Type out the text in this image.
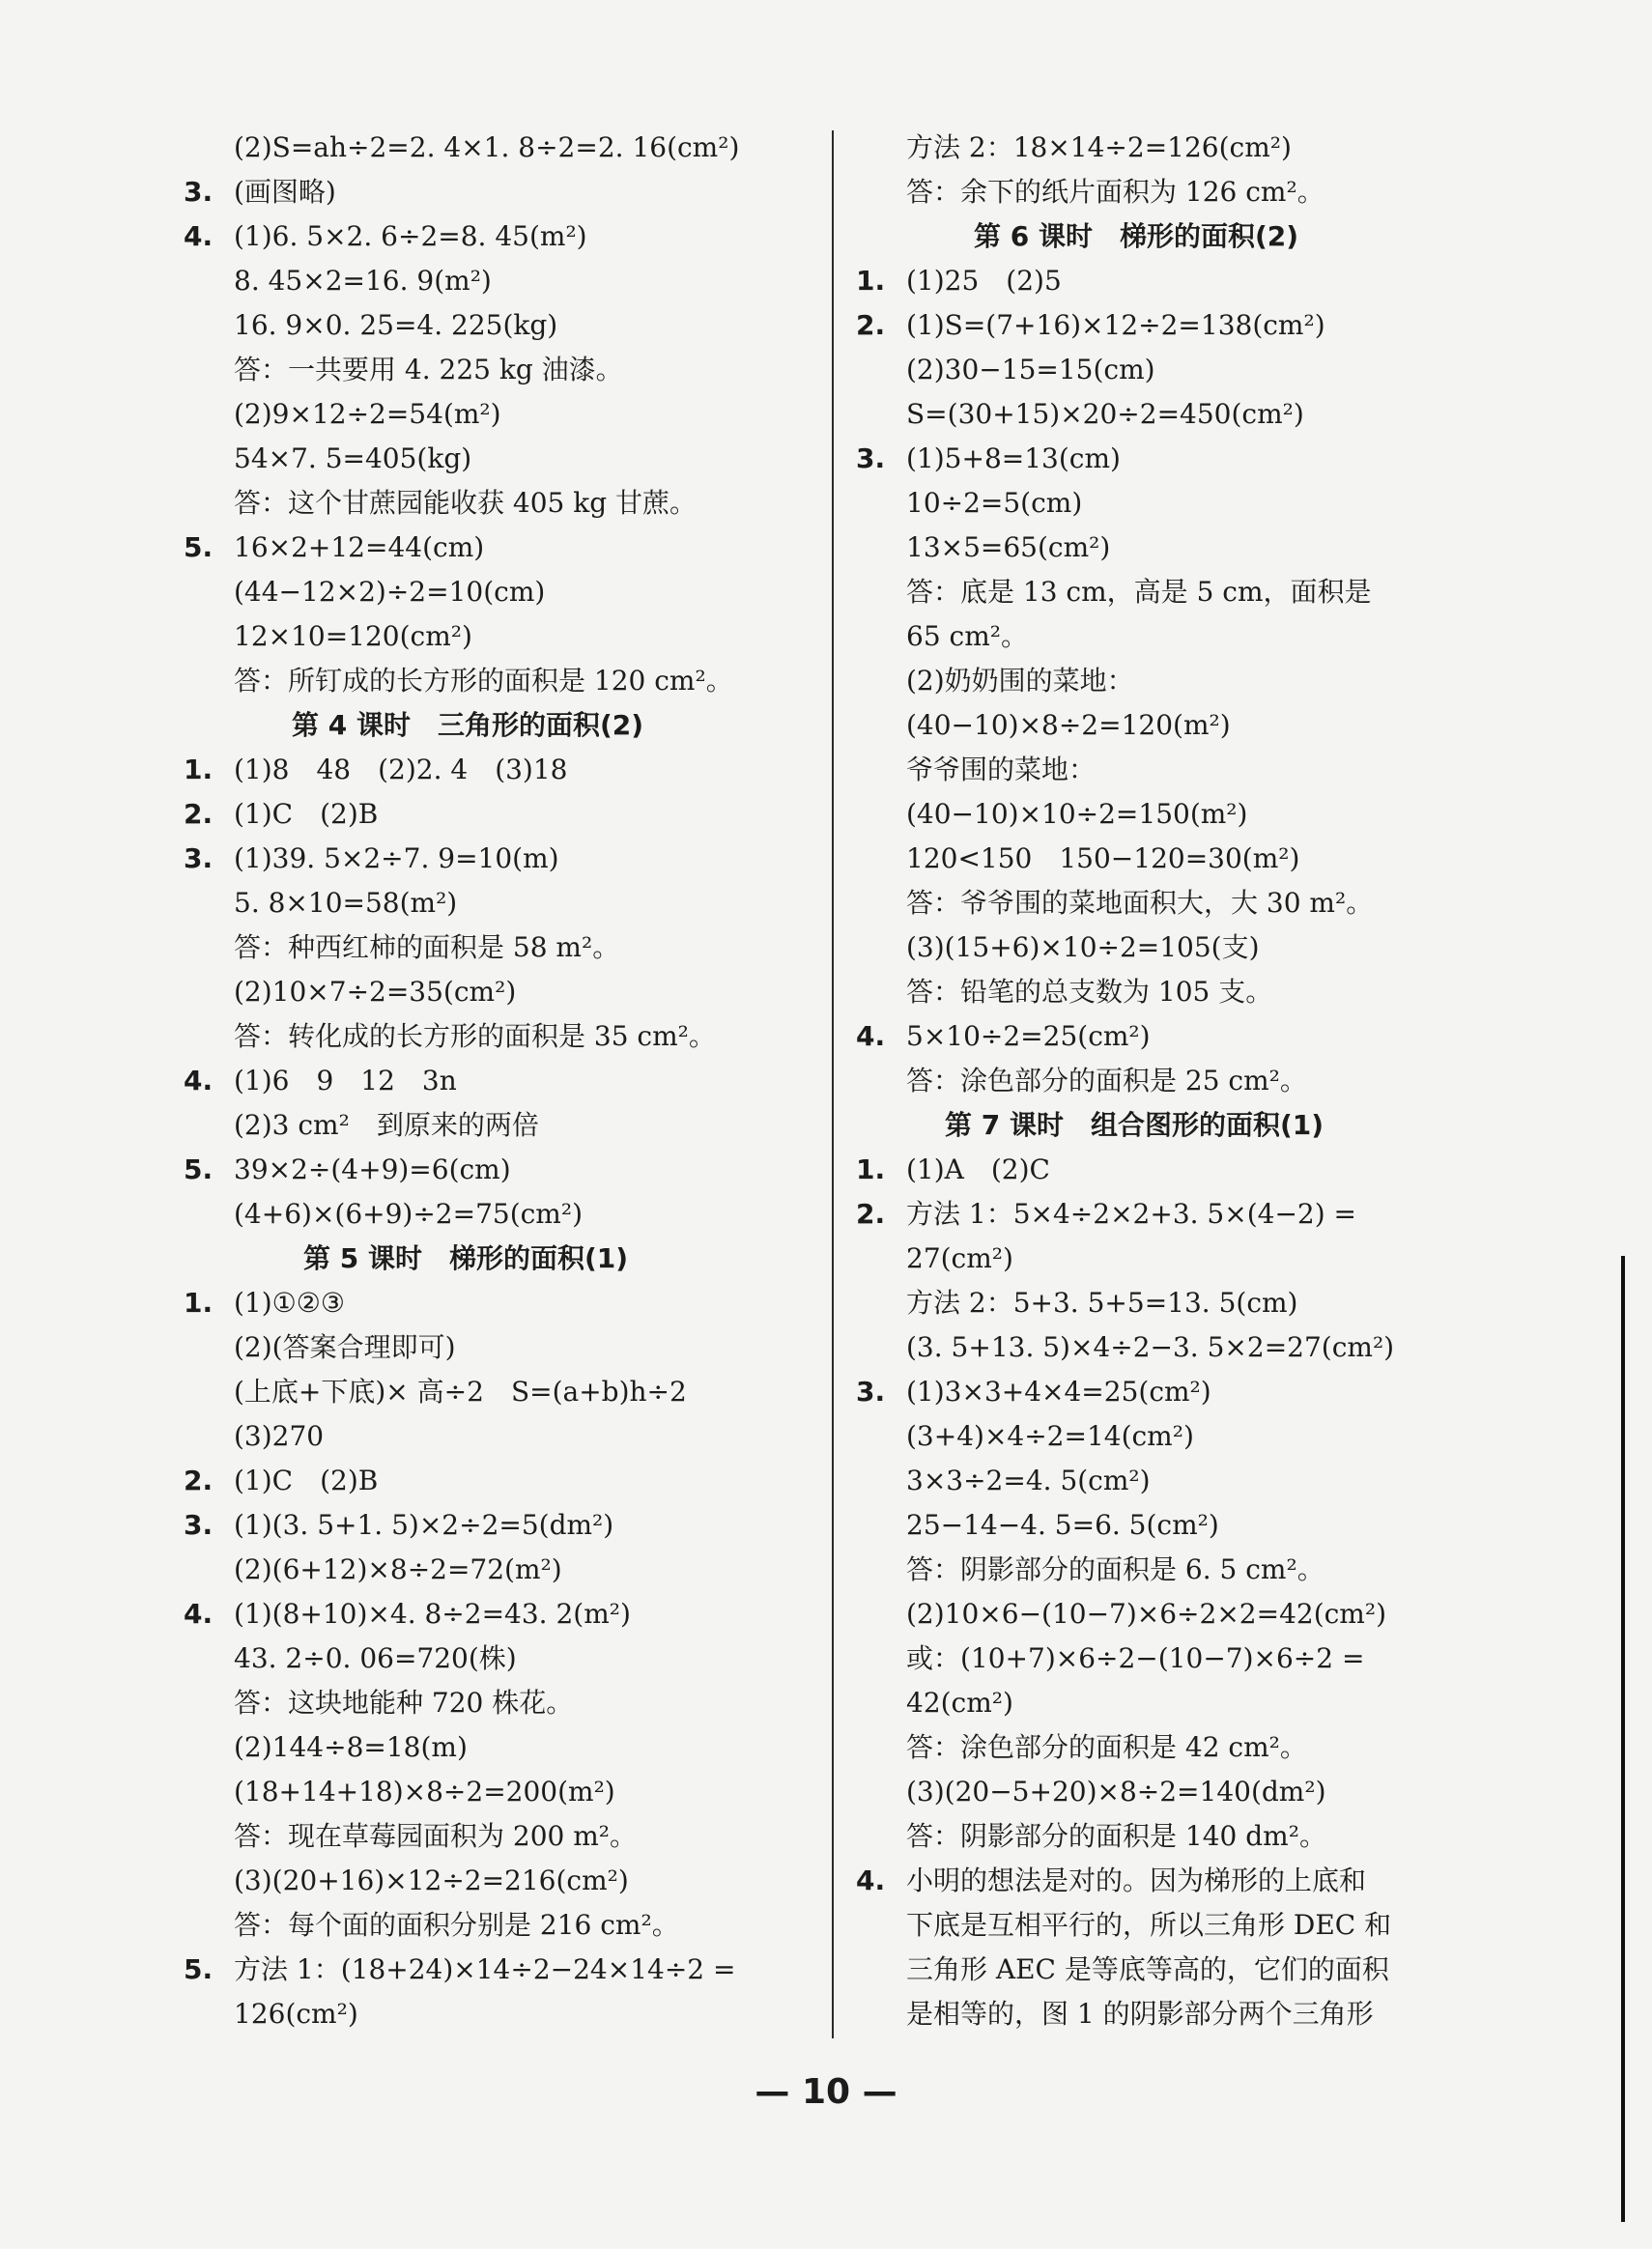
(2)S=ah÷2=2. 4×1. 8÷2=2. 16(cm²)
3. (画图略)
4. (1)6. 5×2. 6÷2=8. 45(m²)
8. 45×2=16. 9(m²)
16. 9×0. 25=4. 225(kg)
答：一共要用 4. 225 kg 油漆。
(2)9×12÷2=54(m²)
54×7. 5=405(kg)
答：这个甘蔗园能收获 405 kg 甘蔗。
5. 16×2+12=44(cm)
(44−12×2)÷2=10(cm)
12×10=120(cm²)
答：所钉成的长方形的面积是 120 cm²。
第 4 课时　三角形的面积(2)
1. (1)8　48　(2)2. 4　(3)18
2. (1)C　(2)B
3. (1)39. 5×2÷7. 9=10(m)
5. 8×10=58(m²)
答：种西红柿的面积是 58 m²。
(2)10×7÷2=35(cm²)
答：转化成的长方形的面积是 35 cm²。
4. (1)6　9　12　3n
(2)3 cm²　到原来的两倍
5. 39×2÷(4+9)=6(cm)
(4+6)×(6+9)÷2=75(cm²)
第 5 课时　梯形的面积(1)
1. (1)①②③
(2)(答案合理即可)
(上底+下底)× 高÷2　S=(a+b)h÷2
(3)270
2. (1)C　(2)B
3. (1)(3. 5+1. 5)×2÷2=5(dm²)
(2)(6+12)×8÷2=72(m²)
4. (1)(8+10)×4. 8÷2=43. 2(m²)
43. 2÷0. 06=720(株)
答：这块地能种 720 株花。
(2)144÷8=18(m)
(18+14+18)×8÷2=200(m²)
答：现在草莓园面积为 200 m²。
(3)(20+16)×12÷2=216(cm²)
答：每个面的面积分别是 216 cm²。
5. 方法 1：(18+24)×14÷2−24×14÷2 =
126(cm²)
方法 2：18×14÷2=126(cm²)
答：余下的纸片面积为 126 cm²。
第 6 课时　梯形的面积(2)
1. (1)25　(2)5
2. (1)S=(7+16)×12÷2=138(cm²)
(2)30−15=15(cm)
S=(30+15)×20÷2=450(cm²)
3. (1)5+8=13(cm)
10÷2=5(cm)
13×5=65(cm²)
答：底是 13 cm，高是 5 cm，面积是
65 cm²。
(2)奶奶围的菜地：
(40−10)×8÷2=120(m²)
爷爷围的菜地：
(40−10)×10÷2=150(m²)
120<150　150−120=30(m²)
答：爷爷围的菜地面积大，大 30 m²。
(3)(15+6)×10÷2=105(支)
答：铅笔的总支数为 105 支。
4. 5×10÷2=25(cm²)
答：涂色部分的面积是 25 cm²。
第 7 课时　组合图形的面积(1)
1. (1)A　(2)C
2. 方法 1：5×4÷2×2+3. 5×(4−2) =
27(cm²)
方法 2：5+3. 5+5=13. 5(cm)
(3. 5+13. 5)×4÷2−3. 5×2=27(cm²)
3. (1)3×3+4×4=25(cm²)
(3+4)×4÷2=14(cm²)
3×3÷2=4. 5(cm²)
25−14−4. 5=6. 5(cm²)
答：阴影部分的面积是 6. 5 cm²。
(2)10×6−(10−7)×6÷2×2=42(cm²)
或：(10+7)×6÷2−(10−7)×6÷2 =
42(cm²)
答：涂色部分的面积是 42 cm²。
(3)(20−5+20)×8÷2=140(dm²)
答：阴影部分的面积是 140 dm²。
4. 小明的想法是对的。因为梯形的上底和
下底是互相平行的，所以三角形 DEC 和
三角形 AEC 是等底等高的，它们的面积
是相等的，图 1 的阴影部分两个三角形
— 10 —
